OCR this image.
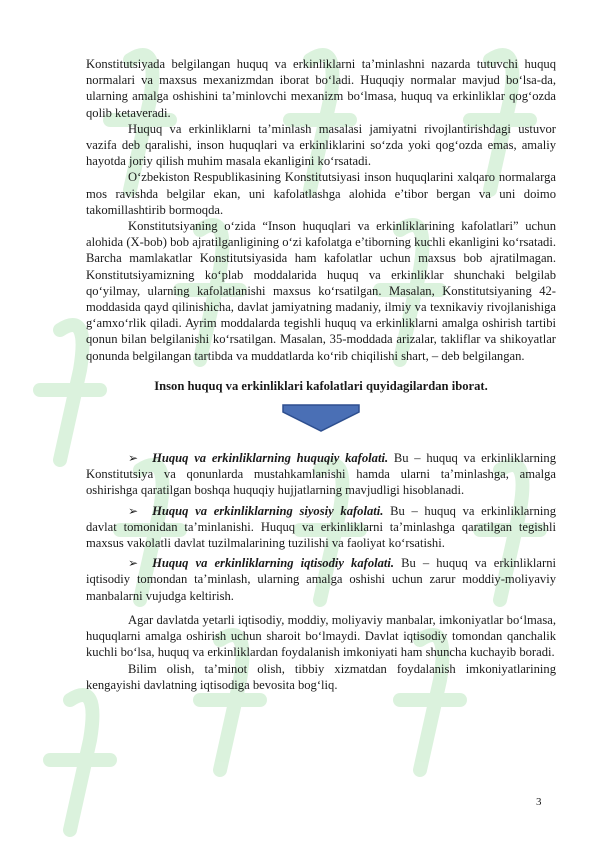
Konstitutsiyada belgilangan huquq va erkinliklarni ta’minlashni nazarda tutuvchi huquq normalari va maxsus mexanizmdan iborat bo‘ladi. Huquqiy normalar mavjud bo‘lsa-da, ularning amalga oshishini ta’minlovchi mexanizm bo‘lmasa, huquq va erkinliklar qog‘ozda qolib ketaveradi.

Huquq va erkinliklarni ta’minlash masalasi jamiyatni rivojlantirishdagi ustuvor vazifa deb qaralishi, inson huquqlari va erkinliklarini so‘zda yoki qog‘ozda emas, amaliy hayotda joriy qilish muhim masala ekanligini ko‘rsatadi.

O‘zbekiston Respublikasining Konstitutsiyasi inson huquqlarini xalqaro normalarga mos ravishda belgilar ekan, uni kafolatlashga alohida e’tibor bergan va uni doimo takomillashtirib bormoqda.

Konstitutsiyaning o‘zida “Inson huquqlari va erkinliklarining kafolatlari” uchun alohida (X-bob) bob ajratilganligining o‘zi kafolatga e’tiborning kuchli ekanligini ko‘rsatadi. Barcha mamlakatlar Konstitutsiyasida ham kafolatlar uchun maxsus bob ajratilmagan. Konstitutsiyamizning ko‘plab moddalarida huquq va erkinliklar shunchaki belgilab qo‘yilmay, ularning kafolatlanishi maxsus ko‘rsatilgan. Masalan, Konstitutsiyaning 42-moddasida qayd qilinishicha, davlat jamiyatning madaniy, ilmiy va texnikaviy rivojlanishiga g‘amxo‘rlik qiladi. Ayrim moddalarda tegishli huquq va erkinliklarni amalga oshirish tartibi qonun bilan belgilanishi ko‘rsatilgan. Masalan, 35-moddada arizalar, takliflar va shikoyatlar qonunda belgilangan tartibda va muddatlarda ko‘rib chiqilishi shart, – deb belgilangan.

Inson huquq va erkinliklari kafolatlari quyidagilardan iborat.

➢ Huquq va erkinliklarning huquqiy kafolati. Bu – huquq va erkinliklarning Konstitutsiya va qonunlarda mustahkamlanishi hamda ularni ta’minlashga, amalga oshirishga qaratilgan boshqa huquqiy hujjatlarning mavjudligi hisoblanadi.

➢ Huquq va erkinliklarning siyosiy kafolati. Bu – huquq va erkinliklarning davlat tomonidan ta’minlanishi. Huquq va erkinliklarni ta’minlashga qaratilgan tegishli maxsus vakolatli davlat tuzilmalarining tuzilishi va faoliyat ko‘rsatishi.

➢ Huquq va erkinliklarning iqtisodiy kafolati. Bu – huquq va erkinliklarni iqtisodiy tomondan ta’minlash, ularning amalga oshishi uchun zarur moddiy-moliyaviy manbalarni vujudga keltirish.

Agar davlatda yetarli iqtisodiy, moddiy, moliyaviy manbalar, imkoniyatlar bo‘lmasa, huquqlarni amalga oshirish uchun sharoit bo‘lmaydi. Davlat iqtisodiy tomondan qanchalik kuchli bo‘lsa, huquq va erkinliklardan foydalanish imkoniyati ham shuncha kuchayib boradi.

Bilim olish, ta’minot olish, tibbiy xizmatdan foydalanish imkoniyatlarining kengayishi davlatning iqtisodiga bevosita bog‘liq.

3
